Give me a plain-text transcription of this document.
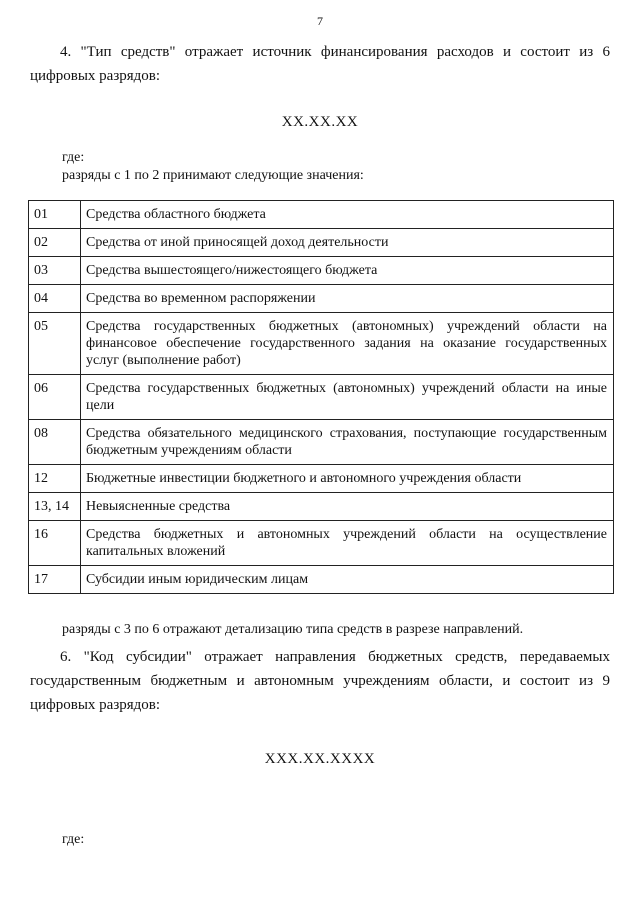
7
4. "Тип средств" отражает источник финансирования расходов и состоит из 6 цифровых разрядов:
ХХ.ХХ.ХХ
где:
разряды с 1 по 2 принимают следующие значения:
01	Средства областного бюджета
02	Средства от иной приносящей доход деятельности
03	Средства вышестоящего/нижестоящего бюджета
04	Средства во временном распоряжении
05	Средства государственных бюджетных (автономных) учреждений области на финансовое обеспечение государственного задания на оказание государственных услуг (выполнение работ)
06	Средства государственных бюджетных (автономных) учреждений области на иные цели
08	Средства обязательного медицинского страхования, поступающие государственным бюджетным учреждениям области
12	Бюджетные инвестиции бюджетного и автономного учреждения области
13, 14	Невыясненные средства
16	Средства бюджетных и автономных учреждений области на осуществление капитальных вложений
17	Субсидии иным юридическим лицам
разряды с 3 по 6 отражают детализацию типа средств в разрезе направлений.
6. "Код субсидии" отражает направления бюджетных средств, передаваемых государственным бюджетным и автономным учреждениям области, и состоит из 9 цифровых разрядов:
ХХХ.ХХ.ХХХХ
где:
